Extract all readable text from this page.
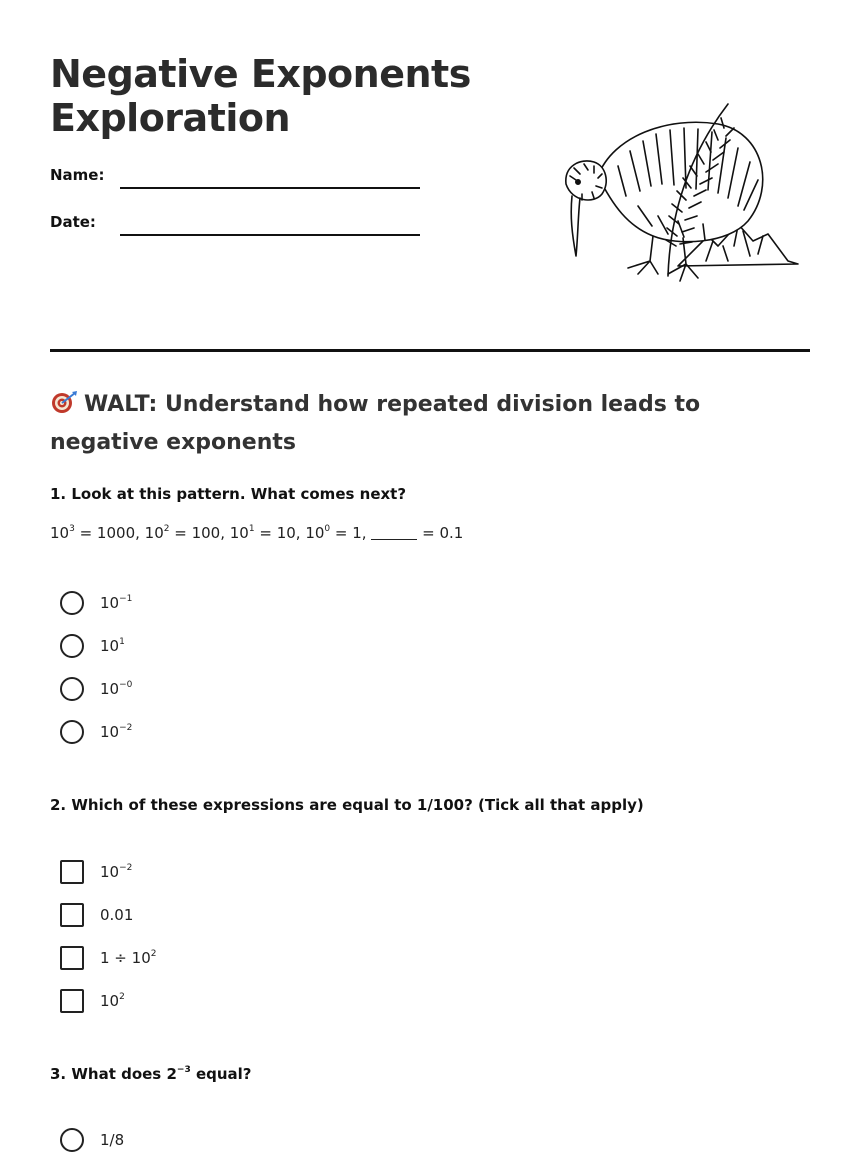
Negative Exponents Exploration
Name:
Date:

WALT: Understand how repeated division leads to negative exponents

1. Look at this pattern. What comes next?

$10^3 = 1000$, $10^2 = 100$, $10^1 = 10$, $10^0 = 1$,	= 0.1
$10^{-1}$
$10^1$
$10^{-0}$
$10^{-2}$

2. Which of these expressions are equal to 1/100? (Tick all that apply)

$10^{-2}$
0.01
$1 \div 10^2$
$10^2$

3. What does $2^{-3}$ equal?

1/8
